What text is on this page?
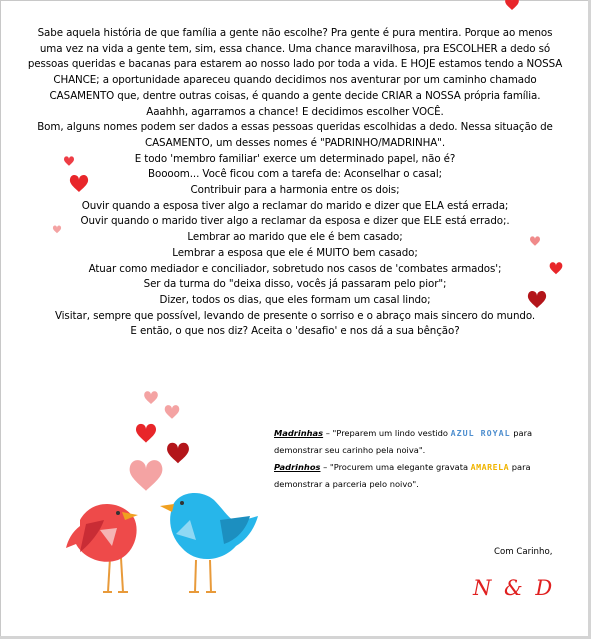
Sabe aquela história de que família a gente não escolhe? Pra gente é pura mentira. Porque ao menos

uma vez na vida a gente tem, sim, essa chance. Uma chance maravilhosa, pra ESCOLHER a dedo só

pessoas queridas e bacanas para estarem ao nosso lado por toda a vida. E HOJE estamos tendo a NOSSA

CHANCE; a oportunidade apareceu quando decidimos nos aventurar por um caminho chamado

CASAMENTO que, dentre outras coisas, é quando a gente decide CRIAR a NOSSA própria família.

Aaahhh, agarramos a chance! E decidimos escolher VOCÊ.

Bom, alguns nomes podem ser dados a essas pessoas queridas escolhidas a dedo. Nessa situação de

CASAMENTO, um desses nomes é "PADRINHO/MADRINHA".

E todo 'membro familiar' exerce um determinado papel, não é?

Boooom... Você ficou com a tarefa de: Aconselhar o casal;

Contribuir para a harmonia entre os dois;

Ouvir quando a esposa tiver algo a reclamar do marido e dizer que ELA está errada;

Ouvir quando o marido tiver algo a reclamar da esposa e dizer que ELE está errado;.

Lembrar ao marido que ele é bem casado;

Lembrar a esposa que ele é MUITO bem casado;

Atuar como mediador e conciliador, sobretudo nos casos de 'combates armados';

Ser da turma do "deixa disso, vocês já passaram pelo pior";

Dizer, todos os dias, que eles formam um casal lindo;

Visitar, sempre que possível, levando de presente o sorriso e o abraço mais sincero do mundo.

E então, o que nos diz? Aceita o 'desafio' e nos dá a sua bênção?

Madrinhas – "Preparem um lindo vestido AZUL ROYAL para
demonstrar seu carinho pela noiva".
Padrinhos – "Procurem uma elegante gravata AMARELA para
demonstrar a parceria pelo noivo".
Com Carinho,
N & D
